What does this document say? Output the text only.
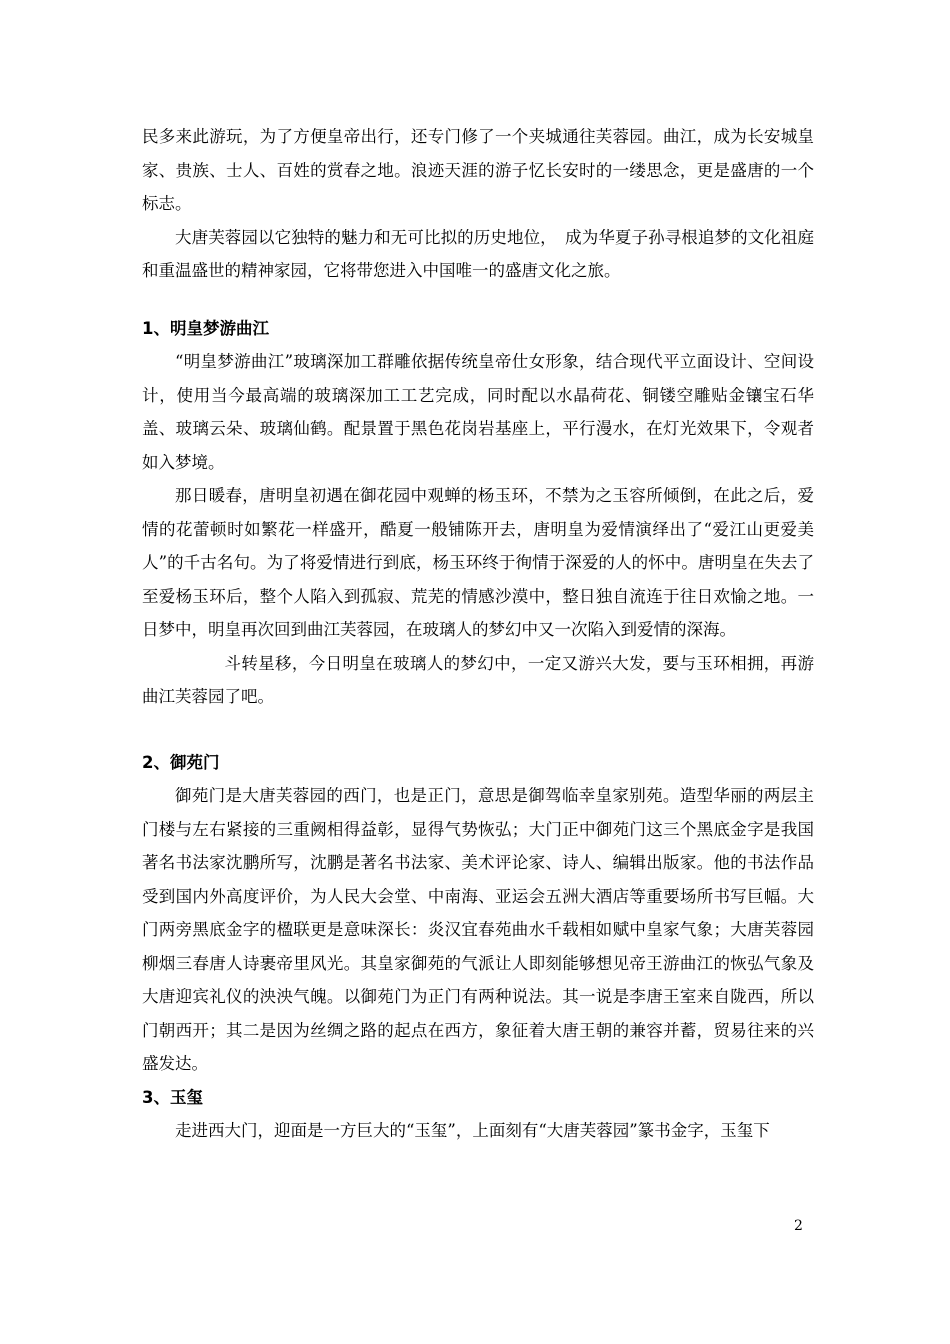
民多来此游玩，为了方便皇帝出行，还专门修了一个夹城通往芙蓉园。曲江，成为长安城皇家、贵族、士人、百姓的赏春之地。浪迹天涯的游子忆长安时的一缕思念，更是盛唐的一个标志。

大唐芙蓉园以它独特的魅力和无可比拟的历史地位，　成为华夏子孙寻根追梦的文化祖庭和重温盛世的精神家园，它将带您进入中国唯一的盛唐文化之旅。

1、明皇梦游曲江

“明皇梦游曲江”玻璃深加工群雕依据传统皇帝仕女形象，结合现代平立面设计、空间设计，使用当今最高端的玻璃深加工工艺完成，同时配以水晶荷花、铜镂空雕贴金镶宝石华盖、玻璃云朵、玻璃仙鹤。配景置于黑色花岗岩基座上，平行漫水，在灯光效果下，令观者如入梦境。

那日暖春，唐明皇初遇在御花园中观蝉的杨玉环，不禁为之玉容所倾倒，在此之后，爱情的花蕾顿时如繁花一样盛开，酷夏一般铺陈开去，唐明皇为爱情演绎出了“爱江山更爱美人”的千古名句。为了将爱情进行到底，杨玉环终于徇情于深爱的人的怀中。唐明皇在失去了至爱杨玉环后，整个人陷入到孤寂、荒芜的情感沙漠中，整日独自流连于往日欢愉之地。一日梦中，明皇再次回到曲江芙蓉园，在玻璃人的梦幻中又一次陷入到爱情的深海。

斗转星移，今日明皇在玻璃人的梦幻中，一定又游兴大发，要与玉环相拥，再游曲江芙蓉园了吧。

2、御苑门

御苑门是大唐芙蓉园的西门，也是正门，意思是御驾临幸皇家别苑。造型华丽的两层主门楼与左右紧接的三重阙相得益彰，显得气势恢弘；大门正中御苑门这三个黑底金字是我国著名书法家沈鹏所写，沈鹏是著名书法家、美术评论家、诗人、编辑出版家。他的书法作品受到国内外高度评价，为人民大会堂、中南海、亚运会五洲大酒店等重要场所书写巨幅。大门两旁黑底金字的楹联更是意味深长：炎汉宜春苑曲水千载相如赋中皇家气象；大唐芙蓉园柳烟三春唐人诗裹帝里风光。其皇家御苑的气派让人即刻能够想见帝王游曲江的恢弘气象及大唐迎宾礼仪的泱泱气魄。以御苑门为正门有两种说法。其一说是李唐王室来自陇西，所以门朝西开；其二是因为丝绸之路的起点在西方，象征着大唐王朝的兼容并蓄，贸易往来的兴盛发达。

3、玉玺

走进西大门，迎面是一方巨大的“玉玺”，上面刻有“大唐芙蓉园”篆书金字，玉玺下

2
